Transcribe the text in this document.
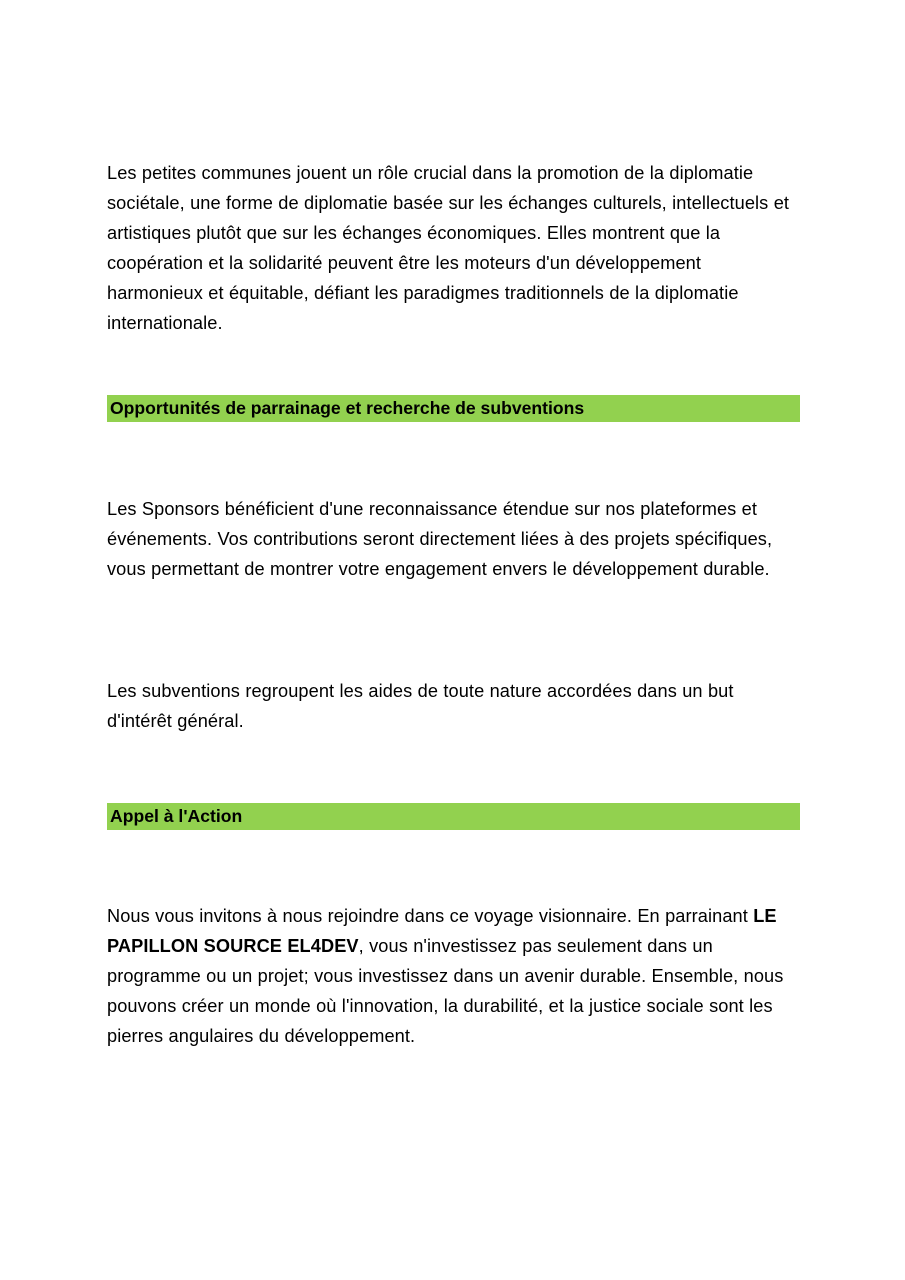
Les petites communes jouent un rôle crucial dans la promotion de la diplomatie sociétale, une forme de diplomatie basée sur les échanges culturels, intellectuels et artistiques plutôt que sur les échanges économiques. Elles montrent que la coopération et la solidarité peuvent être les moteurs d'un développement harmonieux et équitable, défiant les paradigmes traditionnels de la diplomatie internationale.

Opportunités de parrainage et recherche de subventions

Les Sponsors bénéficient d'une reconnaissance étendue sur nos plateformes et événements. Vos contributions seront directement liées à des projets spécifiques, vous permettant de montrer votre engagement envers le développement durable.

Les subventions regroupent les aides de toute nature accordées dans un but d'intérêt général.

Appel à l'Action

Nous vous invitons à nous rejoindre dans ce voyage visionnaire. En parrainant LE PAPILLON SOURCE EL4DEV, vous n'investissez pas seulement dans un programme ou un projet; vous investissez dans un avenir durable. Ensemble, nous pouvons créer un monde où l'innovation, la durabilité, et la justice sociale sont les pierres angulaires du développement.
